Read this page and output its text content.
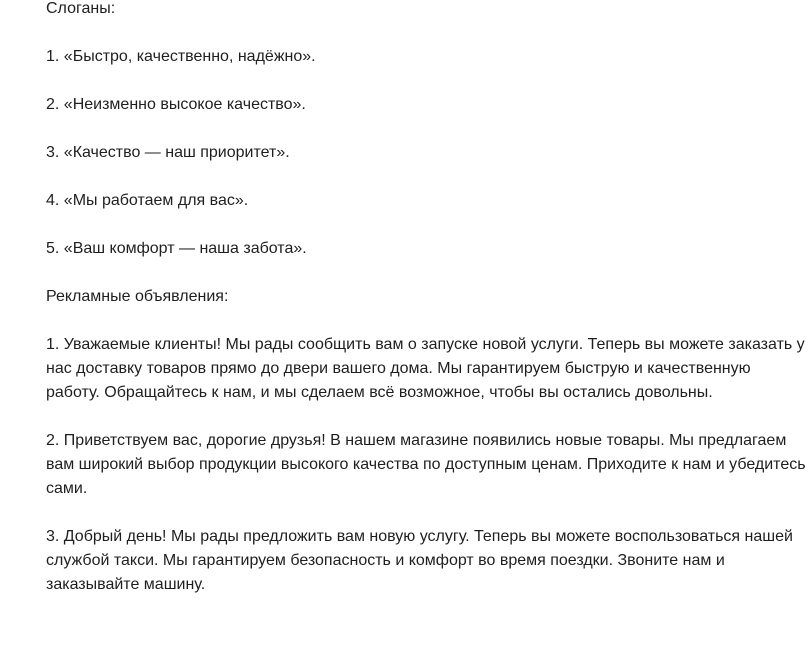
Слоганы:

1. «Быстро, качественно, надёжно».

2. «Неизменно высокое качество».

3. «Качество — наш приоритет».

4. «Мы работаем для вас».

5. «Ваш комфорт — наша забота».

Рекламные объявления:

1. Уважаемые клиенты! Мы рады сообщить вам о запуске новой услуги. Теперь вы можете заказать у нас доставку товаров прямо до двери вашего дома. Мы гарантируем быструю и качественную работу. Обращайтесь к нам, и мы сделаем всё возможное, чтобы вы остались довольны.

2. Приветствуем вас, дорогие друзья! В нашем магазине появились новые товары. Мы предлагаем вам широкий выбор продукции высокого качества по доступным ценам. Приходите к нам и убедитесь сами.

3. Добрый день! Мы рады предложить вам новую услугу. Теперь вы можете воспользоваться нашей службой такси. Мы гарантируем безопасность и комфорт во время поездки. Звоните нам и заказывайте машину.
